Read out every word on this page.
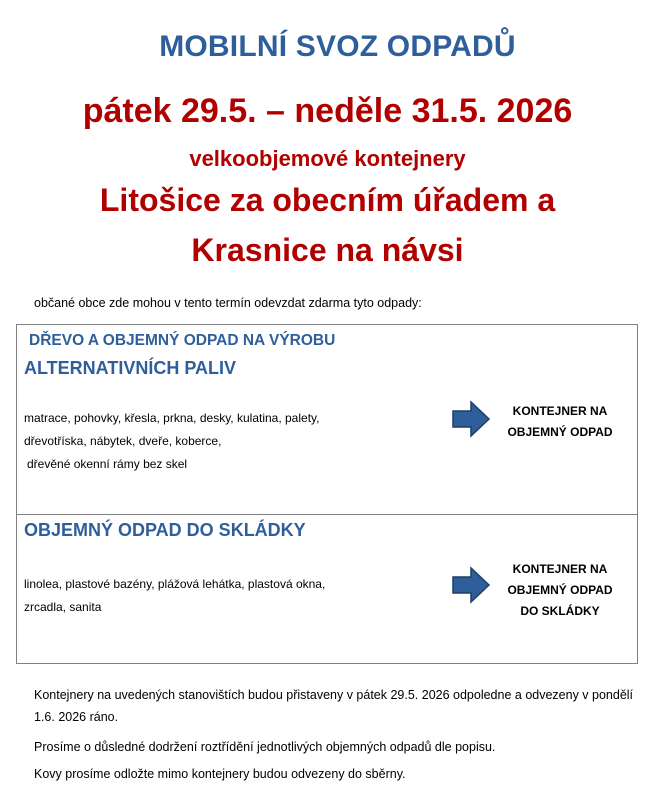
MOBILNÍ SVOZ ODPADŮ
pátek 29.5. – neděle 31.5. 2026
velkoobjemové kontejnery
Litošice za obecním úřadem a
Krasnice na návsi
občané obce zde mohou v tento termín odevzdat zdarma tyto odpady:
DŘEVO A OBJEMNÝ ODPAD NA VÝROBU
ALTERNATIVNÍCH PALIV
matrace, pohovky, křesla, prkna, desky, kulatina, palety,
dřevotříska, nábytek, dveře, koberce,
dřevěné okenní rámy bez skel
KONTEJNER NA
OBJEMNÝ ODPAD
OBJEMNÝ ODPAD DO SKLÁDKY
linolea, plastové bazény, plážová lehátka, plastová okna,
zrcadla, sanita
KONTEJNER NA
OBJEMNÝ ODPAD
DO SKLÁDKY
Kontejnery na uvedených stanovištích budou přistaveny v pátek 29.5. 2026 odpoledne a odvezeny v pondělí 1.6. 2026 ráno.
Prosíme o důsledné dodržení roztřídění jednotlivých objemných odpadů dle popisu.
Kovy prosíme odložte mimo kontejnery budou odvezeny do sběrny.
